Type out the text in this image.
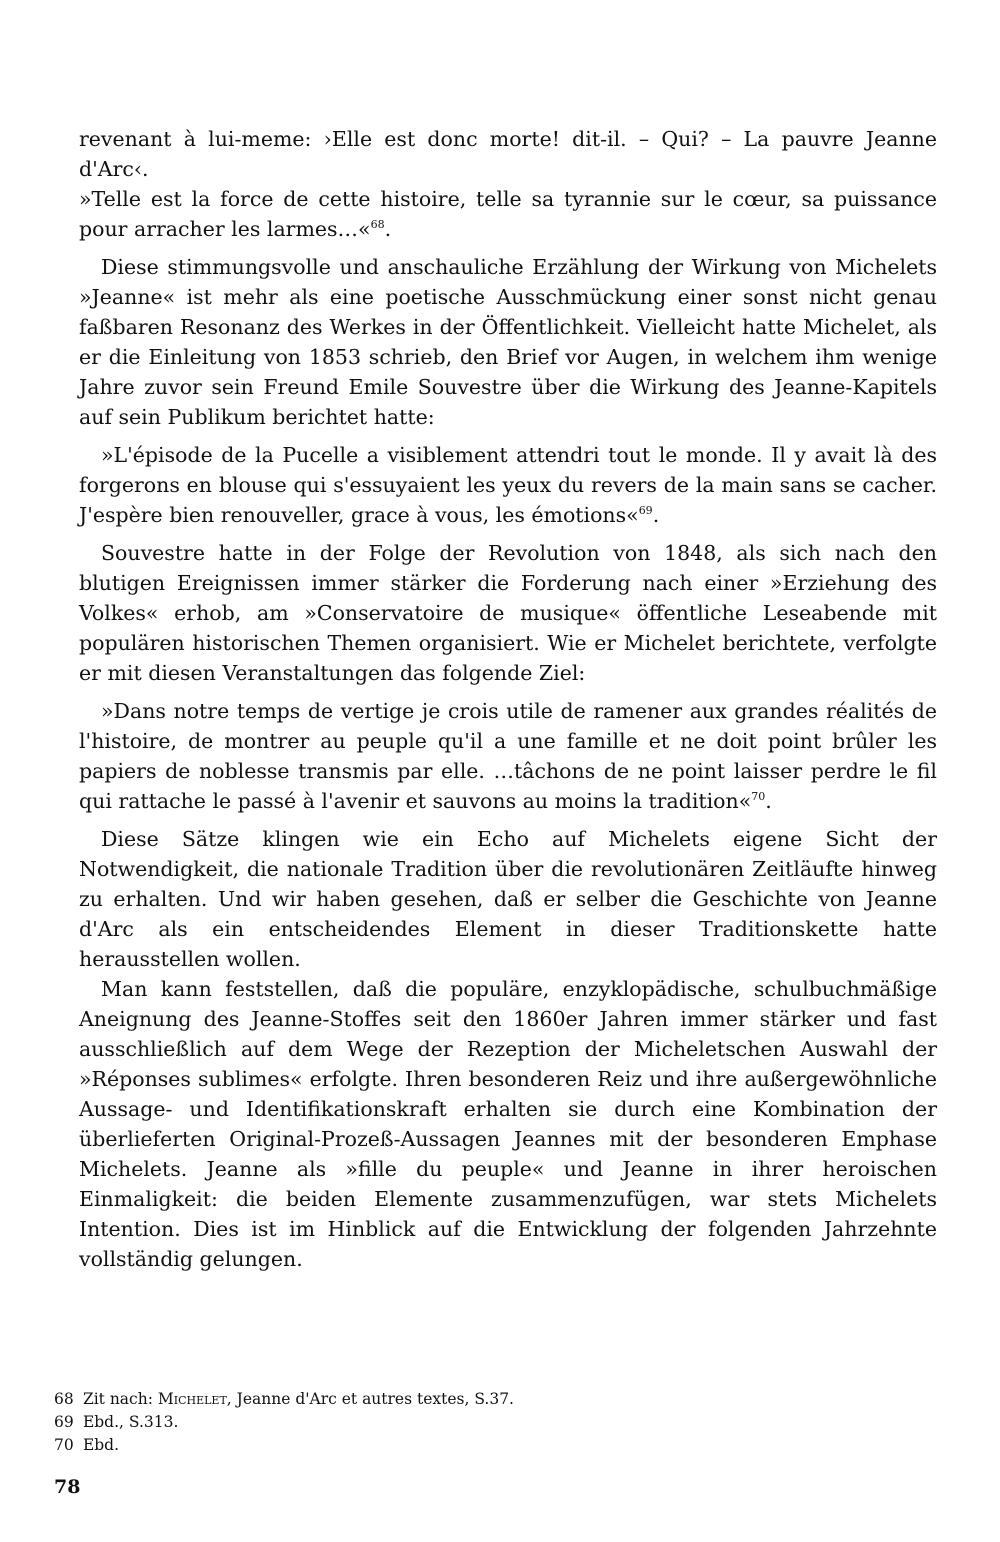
revenant à lui-meme: ›Elle est donc morte! dit-il. – Qui? – La pauvre Jeanne d'Arc‹.
»Telle est la force de cette histoire, telle sa tyrannie sur le cœur, sa puissance pour arracher les larmes…«$^{68}$.

Diese stimmungsvolle und anschauliche Erzählung der Wirkung von Michelets »Jeanne« ist mehr als eine poetische Ausschmückung einer sonst nicht genau faßbaren Resonanz des Werkes in der Öffentlichkeit. Vielleicht hatte Michelet, als er die Einleitung von 1853 schrieb, den Brief vor Augen, in welchem ihm wenige Jahre zuvor sein Freund Emile Souvestre über die Wirkung des Jeanne-Kapitels auf sein Publikum berichtet hatte:

»L'épisode de la Pucelle a visiblement attendri tout le monde. Il y avait là des forgerons en blouse qui s'essuyaient les yeux du revers de la main sans se cacher. J'espère bien renouveller, grace à vous, les émotions«$^{69}$.

Souvestre hatte in der Folge der Revolution von 1848, als sich nach den blutigen Ereignissen immer stärker die Forderung nach einer »Erziehung des Volkes« erhob, am »Conservatoire de musique« öffentliche Leseabende mit populären historischen Themen organisiert. Wie er Michelet berichtete, verfolgte er mit diesen Veranstaltungen das folgende Ziel:

»Dans notre temps de vertige je crois utile de ramener aux grandes réalités de l'histoire, de montrer au peuple qu'il a une famille et ne doit point brûler les papiers de noblesse transmis par elle. …tâchons de ne point laisser perdre le fil qui rattache le passé à l'avenir et sauvons au moins la tradition«$^{70}$.

Diese Sätze klingen wie ein Echo auf Michelets eigene Sicht der Notwendigkeit, die nationale Tradition über die revolutionären Zeitläufte hinweg zu erhalten. Und wir haben gesehen, daß er selber die Geschichte von Jeanne d'Arc als ein entscheidendes Element in dieser Traditionskette hatte herausstellen wollen.

Man kann feststellen, daß die populäre, enzyklopädische, schulbuchmäßige Aneignung des Jeanne-Stoffes seit den 1860er Jahren immer stärker und fast ausschließlich auf dem Wege der Rezeption der Micheletschen Auswahl der »Réponses sublimes« erfolgte. Ihren besonderen Reiz und ihre außergewöhnliche Aussage- und Identifikationskraft erhalten sie durch eine Kombination der überlieferten Original-Prozeß-Aussagen Jeannes mit der besonderen Emphase Michelets. Jeanne als »fille du peuple« und Jeanne in ihrer heroischen Einmaligkeit: die beiden Elemente zusammenzufügen, war stets Michelets Intention. Dies ist im Hinblick auf die Entwicklung der folgenden Jahrzehnte vollständig gelungen.

68 Zit nach: Michelet, Jeanne d'Arc et autres textes, S.37.

69 Ebd., S.313.

70 Ebd.

78
